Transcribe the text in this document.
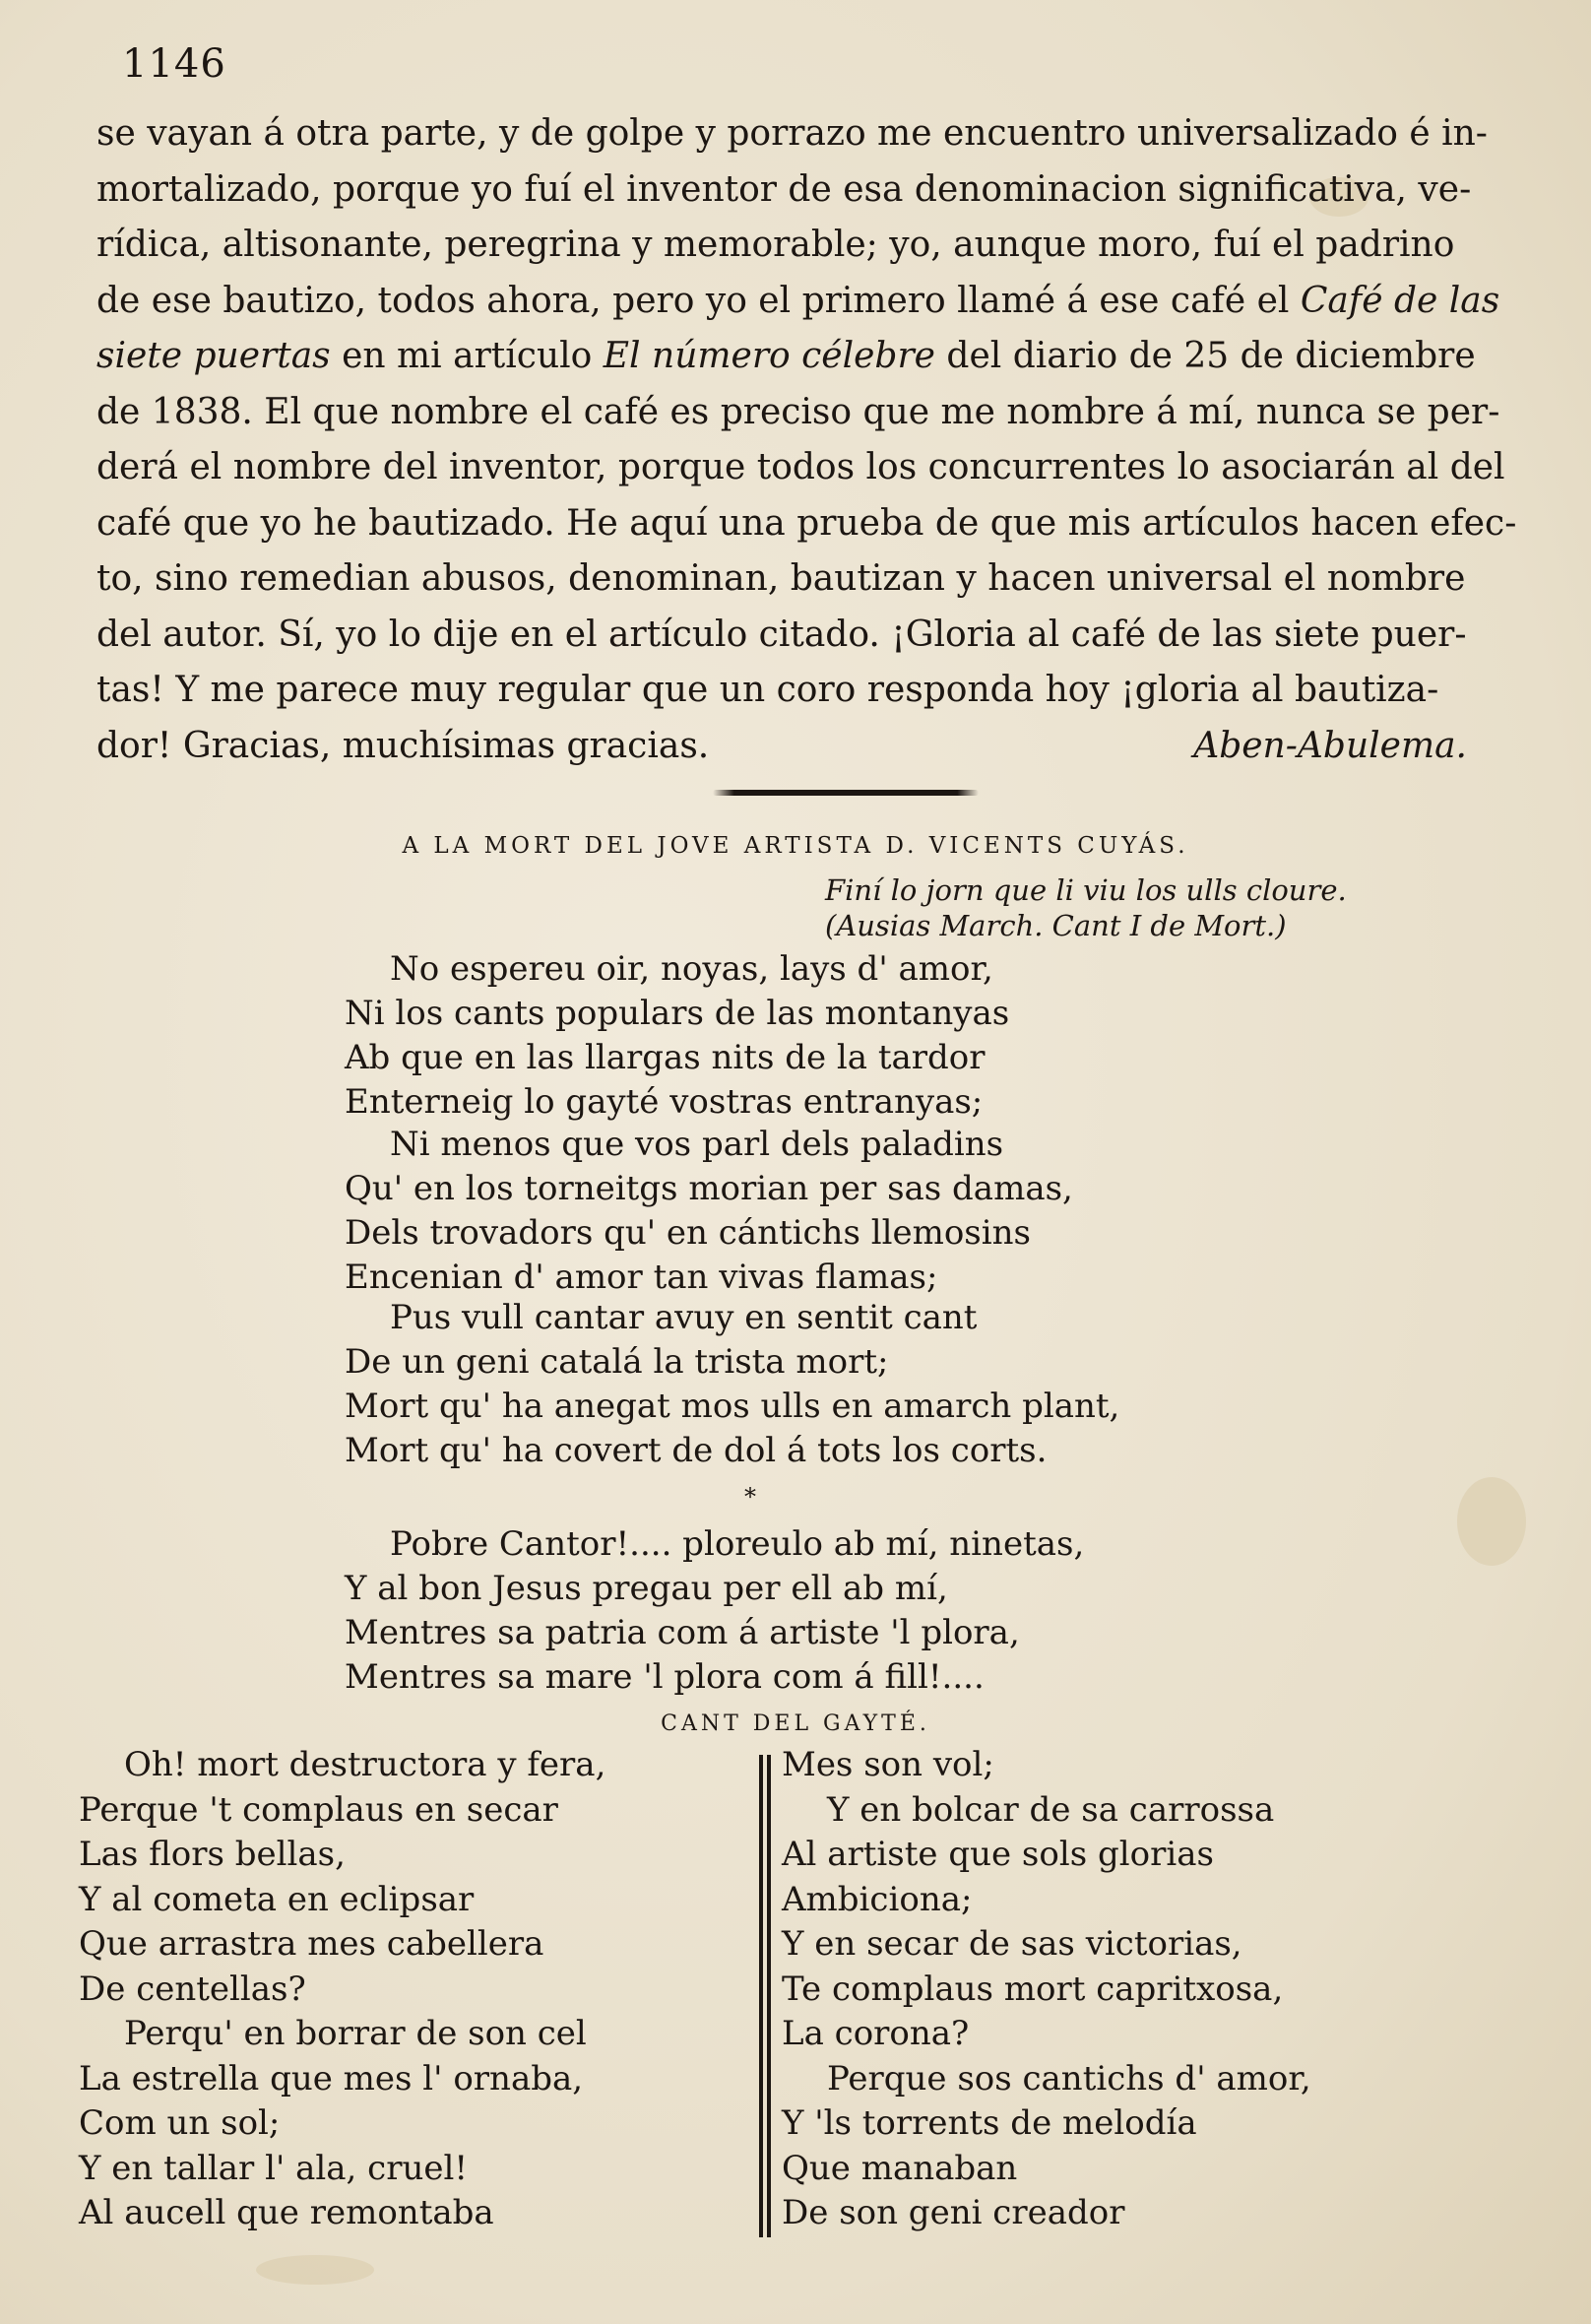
1146
se vayan á otra parte, y de golpe y porrazo me encuentro universalizado é in-
mortalizado, porque yo fuí el inventor de esa denominacion significativa, ve-
rídica, altisonante, peregrina y memorable; yo, aunque moro, fuí el padrino
de ese bautizo, todos ahora, pero yo el primero llamé á ese café el Café de las
siete puertas en mi artículo El número célebre del diario de 25 de diciembre
de 1838. El que nombre el café es preciso que me nombre á mí, nunca se per-
derá el nombre del inventor, porque todos los concurrentes lo asociarán al del
café que yo he bautizado. He aquí una prueba de que mis artículos hacen efec-
to, sino remedian abusos, denominan, bautizan y hacen universal el nombre
del autor. Sí, yo lo dije en el artículo citado. ¡Gloria al café de las siete puer-
tas! Y me parece muy regular que un coro responda hoy ¡gloria al bautiza-
dor! Gracias, muchísimas gracias.	Aben-Abulema.
A LA MORT DEL JOVE ARTISTA D. VICENTS CUYÁS.
Finí lo jorn que li viu los ulls cloure.
(Ausias March. Cant I de Mort.)
No espereu oir, noyas, lays d' amor,
Ni los cants populars de las montanyas
Ab que en las llargas nits de la tardor
Enterneig lo gayté vostras entranyas;
Ni menos que vos parl dels paladins
Qu' en los torneitgs morian per sas damas,
Dels trovadors qu' en cántichs llemosins
Encenian d' amor tan vivas flamas;
Pus vull cantar avuy en sentit cant
De un geni catalá la trista mort;
Mort qu' ha anegat mos ulls en amarch plant,
Mort qu' ha covert de dol á tots los corts.
*
Pobre Cantor!.... ploreulo ab mí, ninetas,
Y al bon Jesus pregau per ell ab mí,
Mentres sa patria com á artiste 'l plora,
Mentres sa mare 'l plora com á fill!....
CANT DEL GAYTÉ.
Oh! mort destructora y fera,
Perque 't complaus en secar
Las flors bellas,
Y al cometa en eclipsar
Que arrastra mes cabellera
De centellas?
Perqu' en borrar de son cel
La estrella que mes l' ornaba,
Com un sol;
Y en tallar l' ala, cruel!
Al aucell que remontaba
Mes son vol;
Y en bolcar de sa carrossa
Al artiste que sols glorias
Ambiciona;
Y en secar de sas victorias,
Te complaus mort capritxosa,
La corona?
Perque sos cantichs d' amor,
Y 'ls torrents de melodía
Que manaban
De son geni creador
